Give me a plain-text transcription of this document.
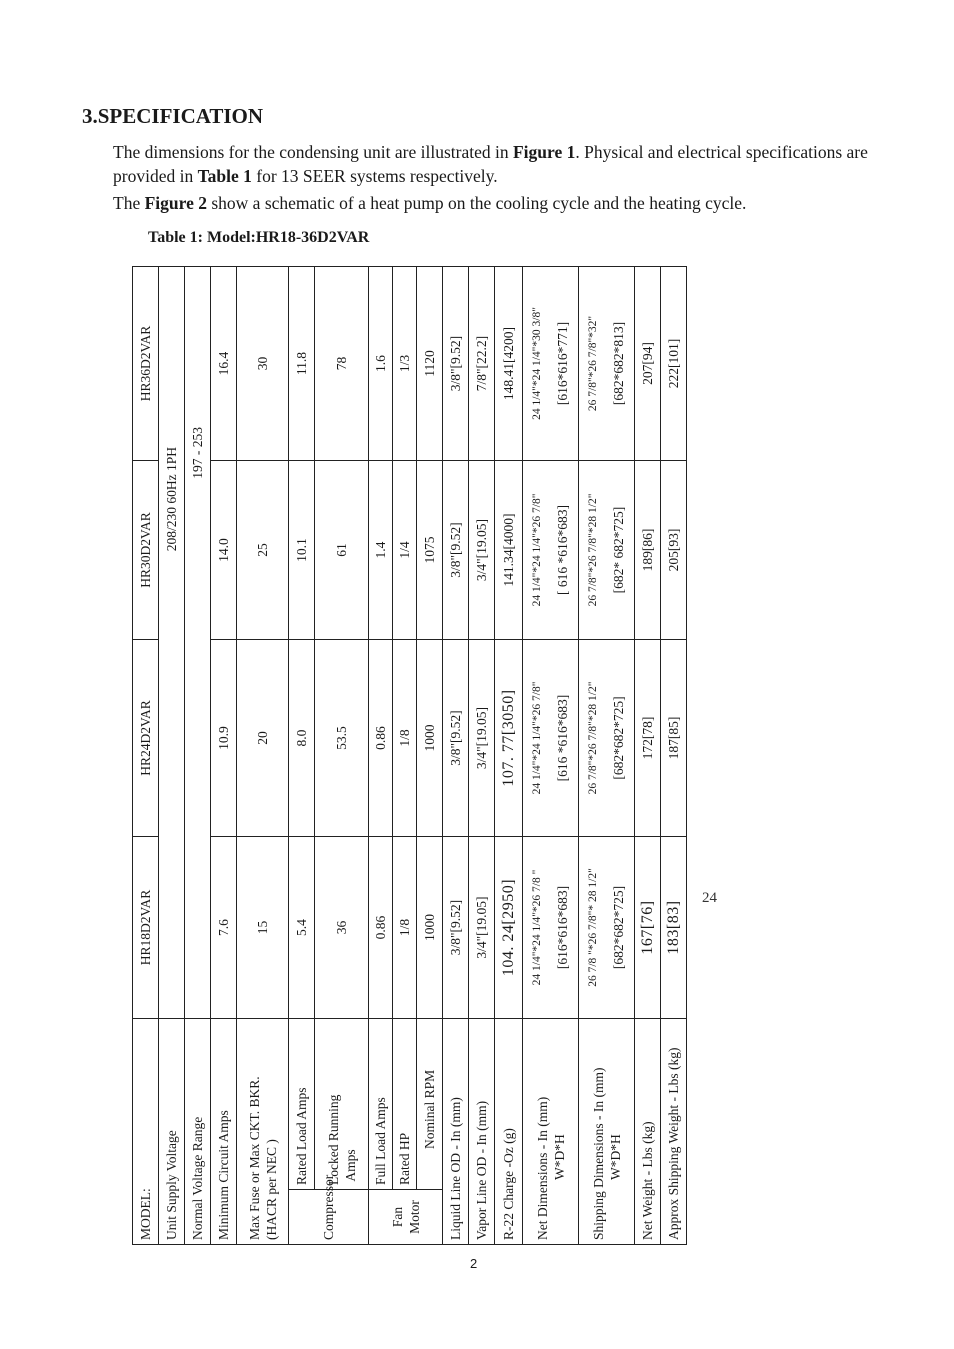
3.SPECIFICATION
The dimensions for the condensing unit are illustrated in Figure 1. Physical and electrical specifications are provided in Table 1 for 13 SEER systems respectively.
The Figure 2 show a schematic of a heat pump on the cooling cycle and the heating cycle.
Table 1: Model:HR18-36D2VAR
MODEL:		HR18D2VAR	HR24D2VAR	HR30D2VAR	HR36D2VAR
Unit Supply Voltage		208/230 60Hz 1PH			
Normal Voltage Range		197 - 253			
Minimum Circuit Amps		7.6	10.9	14.0	16.4
Max Fuse or Max CKT. BKR. (HACR per NEC )		15	20	25	30
Compressor	Rated Load Amps	5.4	8.0	10.1	11.8
	Locked Running
Amps	36	53.5	61	78
Fan Motor	Full Load Amps	0.86	0.86	1.4	1.6
	Rated HP	1/8	1/8	1/4	1/3
	Nominal RPM	1000	1000	1075	1120
Liquid Line OD - In (mm)		3/8"[9.52]	3/8"[9.52]	3/8"[9.52]	3/8"[9.52]
Vapor Line OD - In (mm)		3/4"[19.05]	3/4"[19.05]	3/4"[19.05]	7/8"[22.2]
R-22 Charge -Oz (g)		104. 24[2950]	107. 77[3050]	141.34[4000]	148.41[4200]
Net Dimensions - In (mm) W*D*H		24 1/4"*24 1/4"*26 7/8 " [616*616*683]	24 1/4"*24 1/4"*26 7/8" [616 *616*683]	24 1/4"*24 1/4"*26 7/8" [ 616 *616*683]	24 1/4"*24 1/4"*30 3/8" [616*616*771]
Shipping Dimensions - In (mm) W*D*H		26 7/8 "*26 7/8"* 28 1/2" [682*682*725]	26 7/8"*26 7/8"*28 1/2" [682*682*725]	26 7/8"*26 7/8"*28 1/2" [682* 682*725]	26 7/8"*26 7/8"*32" [682*682*813]
Net Weight - Lbs (kg)		167[76]	172[78]	189[86]	207[94]
Approx Shipping Weight - Lbs (kg)		183[83]	187[85]	205[93]	222[101]
2
24
